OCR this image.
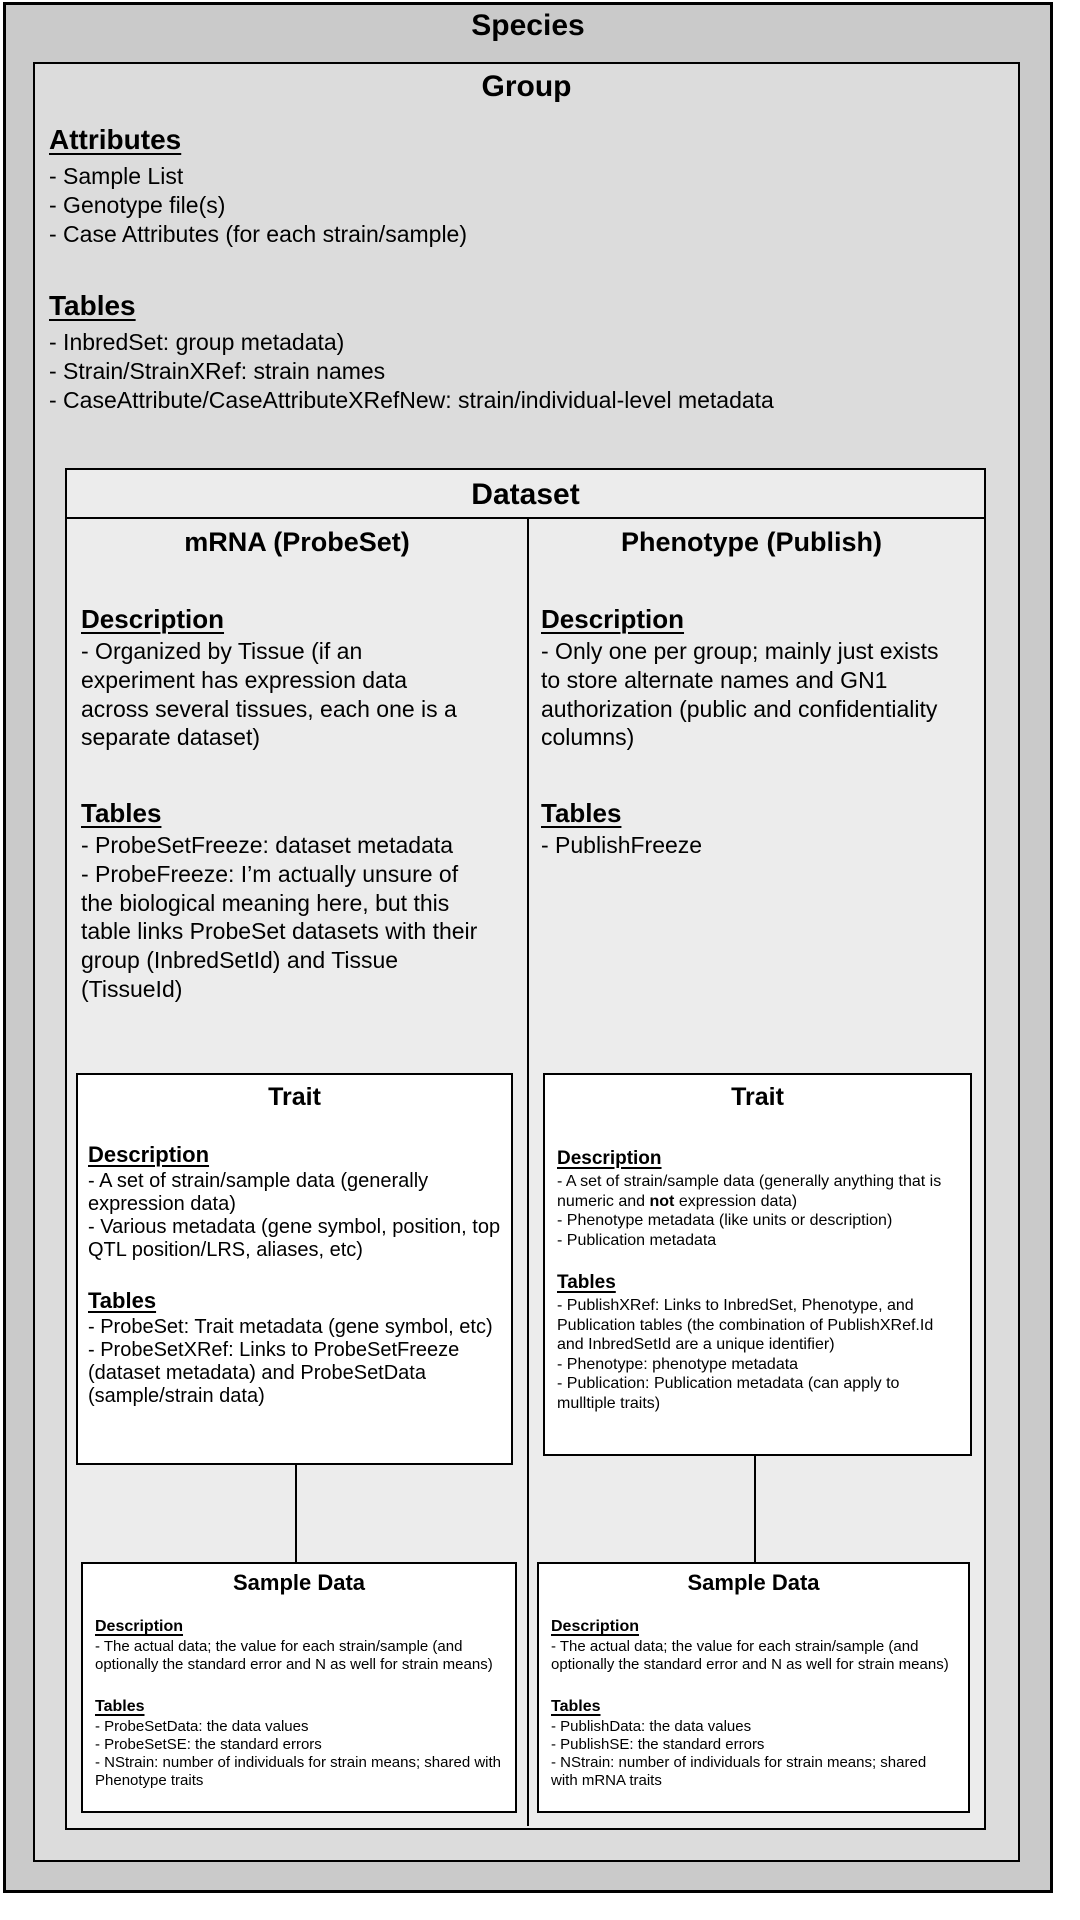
Species
Group
Attributes
- Sample List
- Genotype file(s)
- Case Attributes (for each strain/sample)
Tables
- InbredSet: group metadata)
- Strain/StrainXRef: strain names
- CaseAttribute/CaseAttributeXRefNew: strain/individual-level metadata
Dataset
mRNA (ProbeSet)
Description
- Organized by Tissue (if an experiment has expression data across several tissues, each one is a separate dataset)
Tables
- ProbeSetFreeze: dataset metadata
- ProbeFreeze: I’m actually unsure of the biological meaning here, but this table links ProbeSet datasets with their group (InbredSetId) and Tissue (TissueId)
Phenotype (Publish)
Description
- Only one per group; mainly just exists to store alternate names and GN1 authorization (public and confidentiality columns)
Tables
- PublishFreeze
Trait
Description
- A set of strain/sample data (generally expression data)
- Various metadata (gene symbol, position, top QTL position/LRS, aliases, etc)
Tables
- ProbeSet: Trait metadata (gene symbol, etc)
- ProbeSetXRef: Links to ProbeSetFreeze (dataset metadata) and ProbeSetData (sample/strain data)
Trait
Description
- A set of strain/sample data (generally anything that is numeric and not expression data)
- Phenotype metadata (like units or description)
- Publication metadata
Tables
- PublishXRef: Links to InbredSet, Phenotype, and Publication tables (the combination of PublishXRef.Id and InbredSetId are a unique identifier)
- Phenotype: phenotype metadata
- Publication: Publication metadata (can apply to mulltiple traits)
Sample Data
Description
- The actual data; the value for each strain/sample (and optionally the standard error and N as well for strain means)
Tables
- ProbeSetData: the data values
- ProbeSetSE: the standard errors
- NStrain: number of individuals for strain means; shared with Phenotype traits
Sample Data
Description
- The actual data; the value for each strain/sample (and optionally the standard error and N as well for strain means)
Tables
- PublishData: the data values
- PublishSE: the standard errors
- NStrain: number of individuals for strain means; shared with mRNA traits
